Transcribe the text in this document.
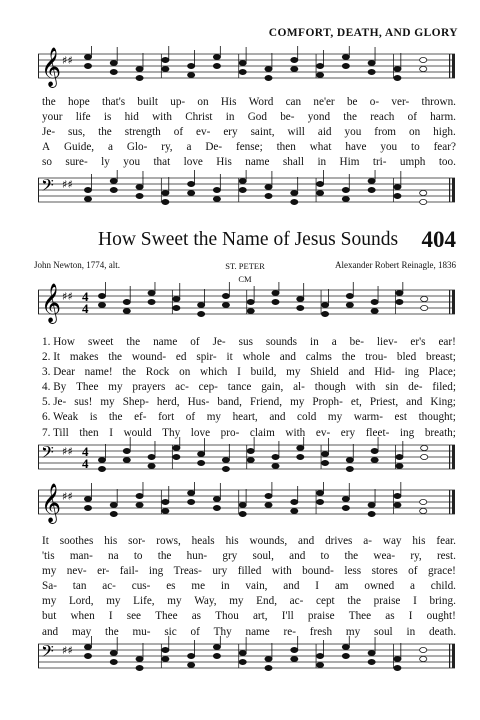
COMFORT, DEATH, AND GLORY
𝄞 ♯♯
the hope that's built up- on His Word can ne'er be o- ver- thrown.
your life is hid with Christ in God be- yond the reach of harm.
Je- sus, the strength of ev- ery saint, will aid you from on high.
A Guide, a Glo- ry, a De- fense; then what have you to fear?
so sure- ly you that love His name shall in Him tri- umph too.
𝄢 ♯♯
How Sweet the Name of Jesus Sounds 404
John Newton, 1774, alt.	ST. PETER
CM
Alexander Robert Reinagle, 1836
𝄞 ♯♯ 4
4
1. How sweet the name of Je- sus sounds in a be- liev- er's ear!
2. It makes the wound- ed spir- it whole and calms the trou- bled breast;
3. Dear name! the Rock on which I build, my Shield and Hid- ing Place;
4. By Thee my prayers ac- cep- tance gain, al- though with sin de- filed;
5. Je- sus! my Shep- herd, Hus- band, Friend, my Proph- et, Priest, and King;
6. Weak is the ef- fort of my heart, and cold my warm- est thought;
7. Till then I would Thy love pro- claim with ev- ery fleet- ing breath;
𝄢 ♯♯ 4
4
𝄞 ♯♯
It soothes his sor- rows, heals his wounds, and drives a- way his fear.
'tis man- na to the hun- gry soul, and to the wea- ry, rest.
my nev- er- fail- ing Treas- ury filled with bound- less stores of grace!
Sa- tan ac- cus- es me in vain, and I am owned a child.
my Lord, my Life, my Way, my End, ac- cept the praise I bring.
but when I see Thee as Thou art, I'll praise Thee as I ought!
and may the mu- sic of Thy name re- fresh my soul in death.
𝄢 ♯♯
